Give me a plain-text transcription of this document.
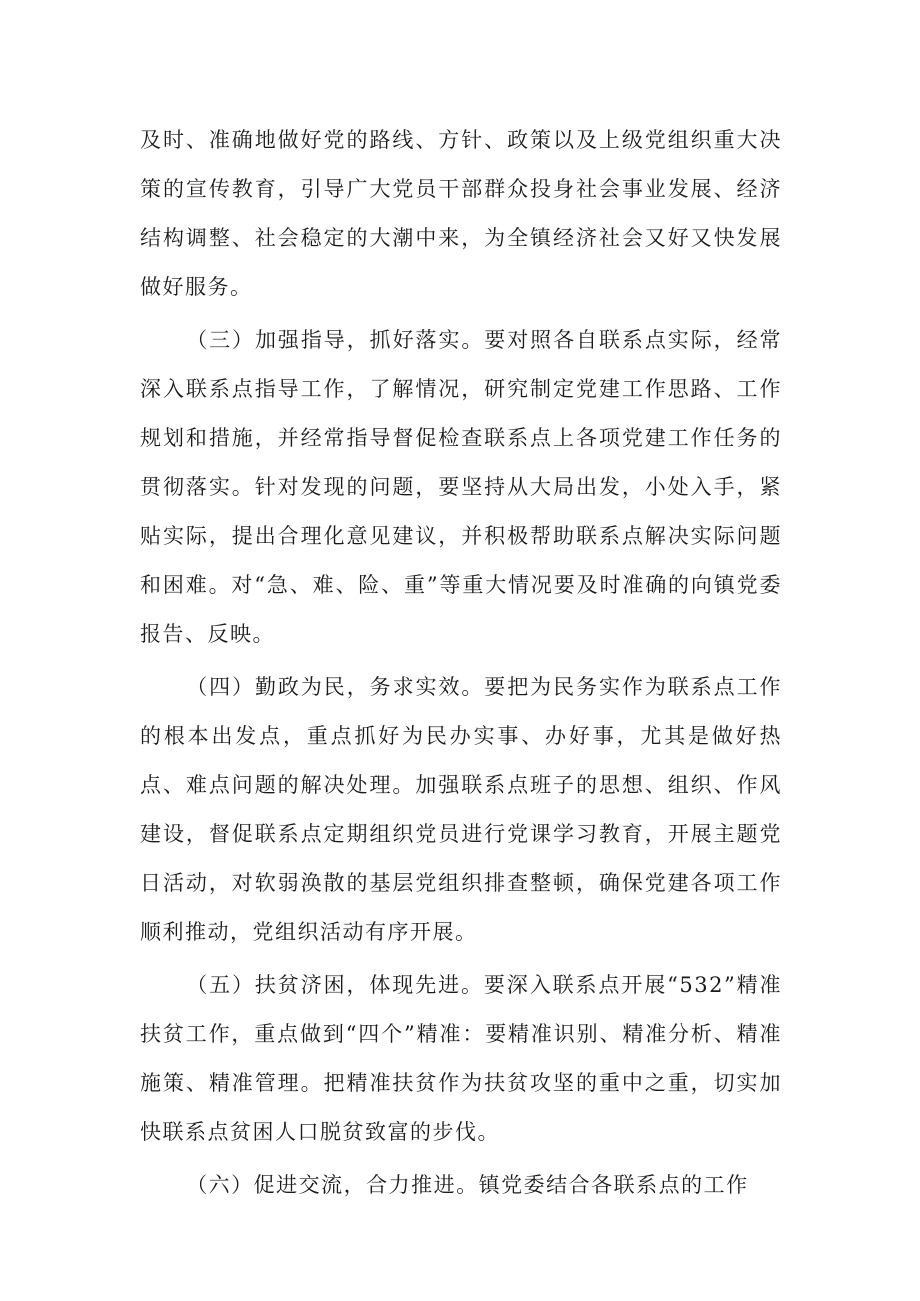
及时、准确地做好党的路线、方针、政策以及上级党组织重大决策的宣传教育，引导广大党员干部群众投身社会事业发展、经济结构调整、社会稳定的大潮中来，为全镇经济社会又好又快发展做好服务。

（三）加强指导，抓好落实。要对照各自联系点实际，经常深入联系点指导工作，了解情况，研究制定党建工作思路、工作规划和措施，并经常指导督促检查联系点上各项党建工作任务的贯彻落实。针对发现的问题，要坚持从大局出发，小处入手，紧贴实际，提出合理化意见建议，并积极帮助联系点解决实际问题和困难。对“急、难、险、重”等重大情况要及时准确的向镇党委报告、反映。

（四）勤政为民，务求实效。要把为民务实作为联系点工作的根本出发点，重点抓好为民办实事、办好事，尤其是做好热点、难点问题的解决处理。加强联系点班子的思想、组织、作风建设，督促联系点定期组织党员进行党课学习教育，开展主题党日活动，对软弱涣散的基层党组织排查整顿，确保党建各项工作顺利推动，党组织活动有序开展。

（五）扶贫济困，体现先进。要深入联系点开展“532”精准扶贫工作，重点做到“四个”精准：要精准识别、精准分析、精准施策、精准管理。把精准扶贫作为扶贫攻坚的重中之重，切实加快联系点贫困人口脱贫致富的步伐。

（六）促进交流，合力推进。镇党委结合各联系点的工作
